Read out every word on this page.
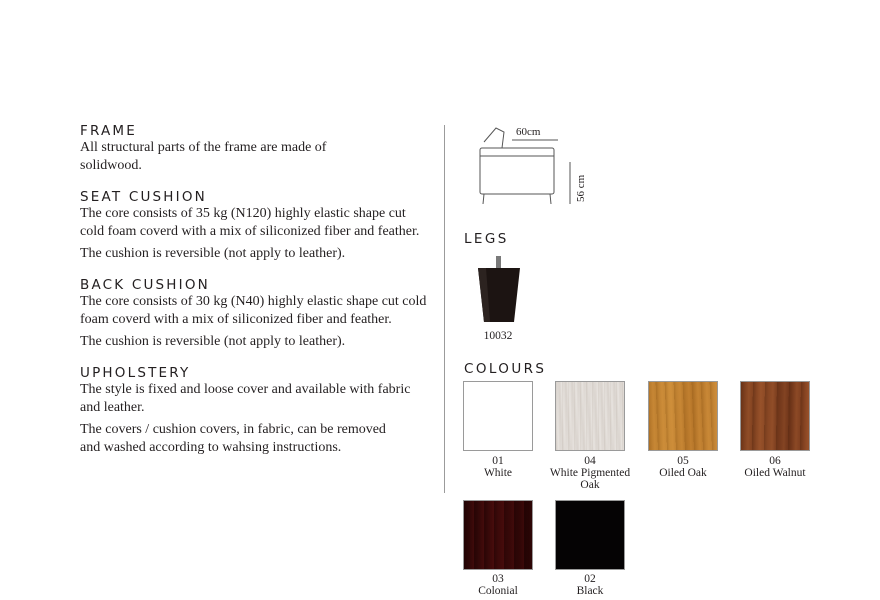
FRAME

All structural parts of the frame are made of solidwood.

SEAT CUSHION

The core consists of 35 kg (N120) highly elastic shape cut cold foam coverd with a mix of siliconized fiber and feather.

The cushion is reversible (not apply to leather).

BACK CUSHION

The core consists of 30 kg (N40) highly elastic shape cut cold foam coverd with a mix of siliconized fiber and feather.

The cushion is reversible (not apply to leather).

UPHOLSTERY

The style is fixed and loose cover and available with fabric and leather.

The covers / cushion covers, in fabric, can be removed and washed according to wahsing instructions.

60cm
56 cm
LEGS
10032
COLOURS
01
White
04
White Pigmented Oak
05
Oiled Oak
06
Oiled Walnut
03
Colonial
02
Black
